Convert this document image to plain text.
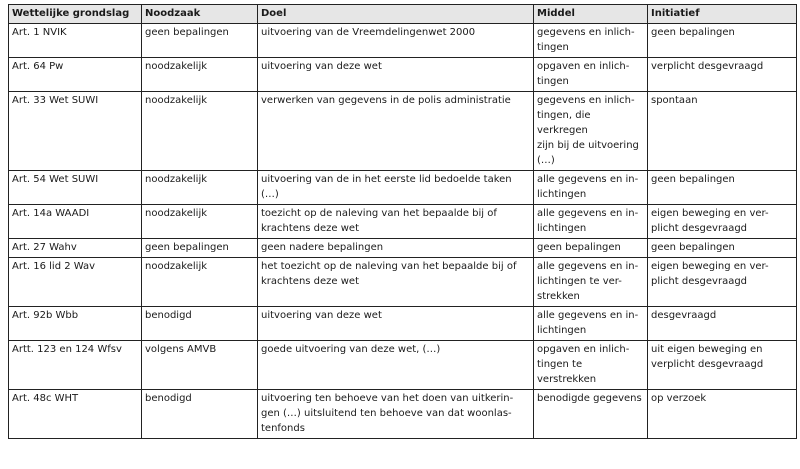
Wettelijke grondslag	Noodzaak	Doel	Middel	Initiatief
Art. 1 NVIK	geen bepalingen	uitvoering van de Vreemdelingenwet 2000	gegevens en inlich-
tingen	geen bepalingen
Art. 64 Pw	noodzakelijk	uitvoering van deze wet	opgaven en inlich-
tingen	verplicht desgevraagd
Art. 33 Wet SUWI	noodzakelijk	verwerken van gegevens in de polis administratie	gegevens en inlich-
tingen, die verkregen
zijn bij de uitvoering
(…)	spontaan
Art. 54 Wet SUWI	noodzakelijk	uitvoering van de in het eerste lid bedoelde taken
(…)	alle gegevens en in-
lichtingen	geen bepalingen
Art. 14a WAADI	noodzakelijk	toezicht op de naleving van het bepaalde bij of
krachtens deze wet	alle gegevens en in-
lichtingen	eigen beweging en ver-
plicht desgevraagd
Art. 27 Wahv	geen bepalingen	geen nadere bepalingen	geen bepalingen	geen bepalingen
Art. 16 lid 2 Wav	noodzakelijk	het toezicht op de naleving van het bepaalde bij of
krachtens deze wet	alle gegevens en in-
lichtingen te ver-
strekken	eigen beweging en ver-
plicht desgevraagd
Art. 92b Wbb	benodigd	uitvoering van deze wet	alle gegevens en in-
lichtingen	desgevraagd
Artt. 123 en 124 Wfsv	volgens AMVB	goede uitvoering van deze wet, (…)	opgaven en inlich-
tingen te verstrekken	uit eigen beweging en
verplicht desgevraagd
Art. 48c WHT	benodigd	uitvoering ten behoeve van het doen van uitkerin-
gen (…) uitsluitend ten behoeve van dat woonlas-
tenfonds	benodigde gegevens	op verzoek
